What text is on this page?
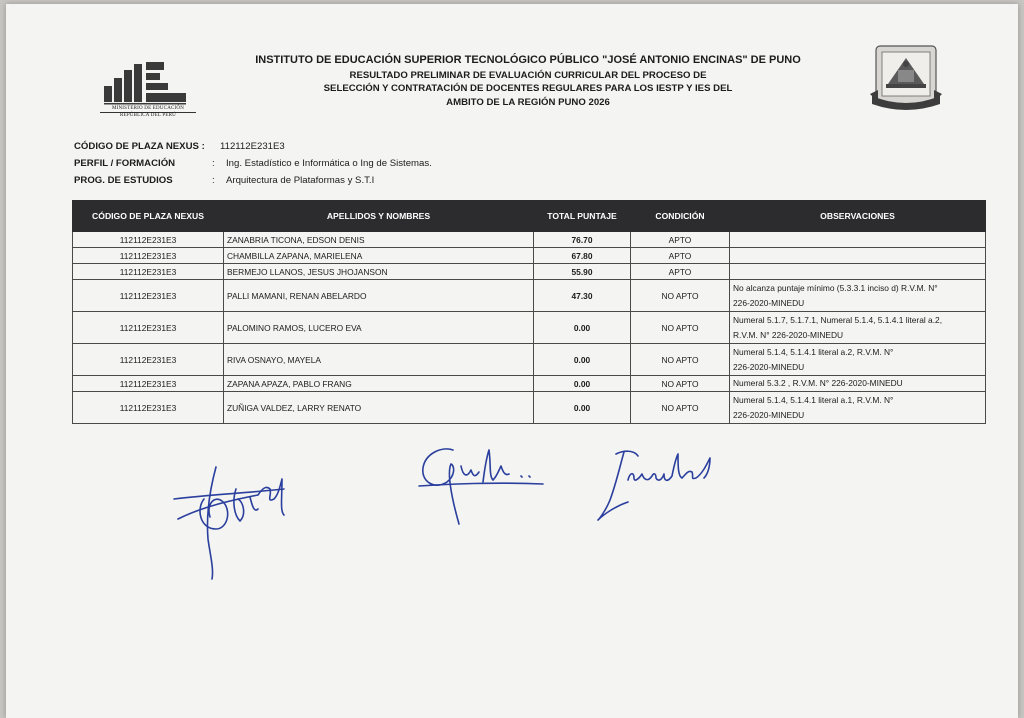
MINISTERIO DE EDUCACIÓN
REPÚBLICA DEL PERÚ
INSTITUTO DE EDUCACIÓN SUPERIOR TECNOLÓGICO PÚBLICO "JOSÉ ANTONIO ENCINAS" DE PUNO
RESULTADO PRELIMINAR DE EVALUACIÓN CURRICULAR DEL PROCESO DE
SELECCIÓN Y CONTRATACIÓN DE DOCENTES REGULARES PARA LOS IESTP Y IES DEL
AMBITO DE LA REGIÓN PUNO 2026
CÓDIGO DE PLAZA NEXUS : 112112E231E3
PERFIL / FORMACIÓN	: Ing. Estadístico e Informática o Ing de Sistemas.
PROG. DE ESTUDIOS	: Arquitectura de Plataformas y S.T.I
CÓDIGO DE PLAZA NEXUS	APELLIDOS Y NOMBRES	TOTAL PUNTAJE	CONDICIÓN	OBSERVACIONES
112112E231E3	ZANABRIA TICONA, EDSON DENIS	76.70	APTO	
112112E231E3	CHAMBILLA ZAPANA, MARIELENA	67.80	APTO	
112112E231E3	BERMEJO LLANOS, JESUS JHOJANSON	55.90	APTO	
112112E231E3	PALLI MAMANI, RENAN ABELARDO	47.30	NO APTO	No alcanza puntaje mínimo (5.3.3.1 inciso d) R.V.M. N°
226-2020-MINEDU

112112E231E3	PALOMINO RAMOS, LUCERO EVA	0.00	NO APTO	Numeral 5.1.7, 5.1.7.1, Numeral 5.1.4, 5.1.4.1 literal a.2,
R.V.M. N° 226-2020-MINEDU

112112E231E3	RIVA OSNAYO, MAYELA	0.00	NO APTO	Numeral 5.1.4, 5.1.4.1 literal a.2, R.V.M. N°
226-2020-MINEDU

112112E231E3	ZAPANA APAZA, PABLO FRANG	0.00	NO APTO	Numeral 5.3.2 , R.V.M. N° 226-2020-MINEDU
112112E231E3	ZUÑIGA VALDEZ, LARRY RENATO	0.00	NO APTO	Numeral 5.1.4, 5.1.4.1 literal a.1, R.V.M. N°
226-2020-MINEDU
